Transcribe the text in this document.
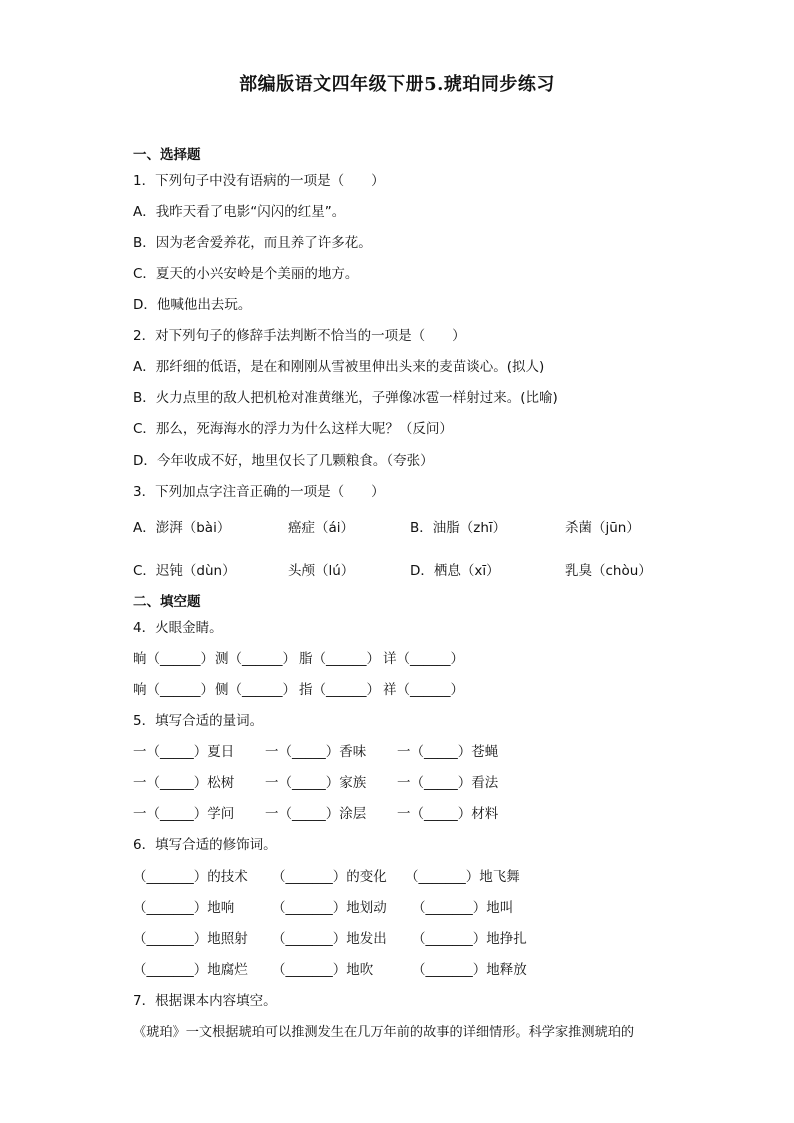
部编版语文四年级下册5.琥珀同步练习
一、选择题
1．下列句子中没有语病的一项是（　　）
A．我昨天看了电影“闪闪的红星”。
B．因为老舍爱养花，而且养了许多花。
C．夏天的小兴安岭是个美丽的地方。
D．他喊他出去玩。
2．对下列句子的修辞手法判断不恰当的一项是（　　）
A．那纤细的低语，是在和刚刚从雪被里伸出头来的麦苗谈心。(拟人)
B．火力点里的敌人把机枪对准黄继光，子弹像冰雹一样射过来。(比喻)
C．那么，死海海水的浮力为什么这样大呢？（反问）
D．今年收成不好，地里仅长了几颗粮食。（夸张）
3．下列加点字注音正确的一项是（　　）
A．澎湃（bài）	癌症（ái）	B．油脂（zhī）	杀菌（jūn）
C．迟钝（dùn）	头颅（lú）	D．栖息（xī）	乳臭（chòu）
二、填空题
4．火眼金睛。
晌（______） 测（______） 脂（______） 详（______）
响（______） 侧（______） 指（______） 祥（______）
5．填写合适的量词。
一（_____）夏日 一（_____）香味 一（_____）苍蝇
一（_____）松树 一（_____）家族 一（_____）看法
一（_____）学问 一（_____）涂层 一（_____）材料
6．填写合适的修饰词。
（_______）的技术 （_______）的变化 （_______）地飞舞
（_______）地响	（_______）地划动 （_______）地叫
（_______）地照射 （_______）地发出 （_______）地挣扎
（_______）地腐烂 （_______）地吹	（_______）地释放
7．根据课本内容填空。
《琥珀》一文根据琥珀可以推测发生在几万年前的故事的详细情形。科学家推测琥珀的
